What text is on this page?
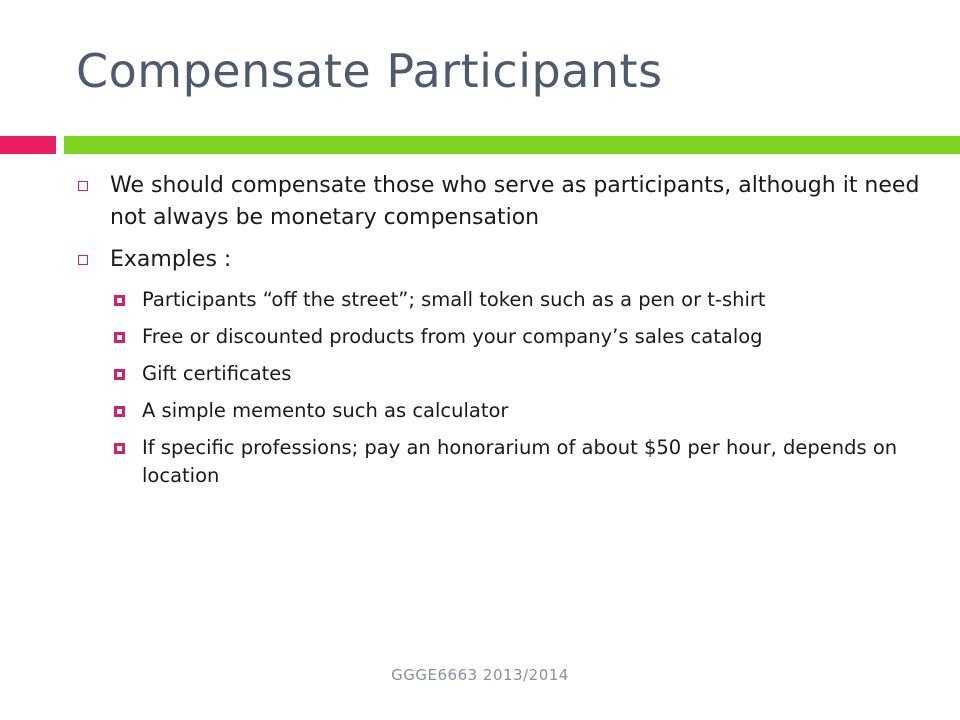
Compensate Participants
We should compensate those who serve as participants, although it need not always be monetary compensation
Examples :
Participants “off the street”; small token such as a pen or t-shirt
Free or discounted products from your company’s sales catalog
Gift certificates
A simple memento such as calculator
If specific professions; pay an honorarium of about $50 per hour, depends on location
GGGE6663 2013/2014
